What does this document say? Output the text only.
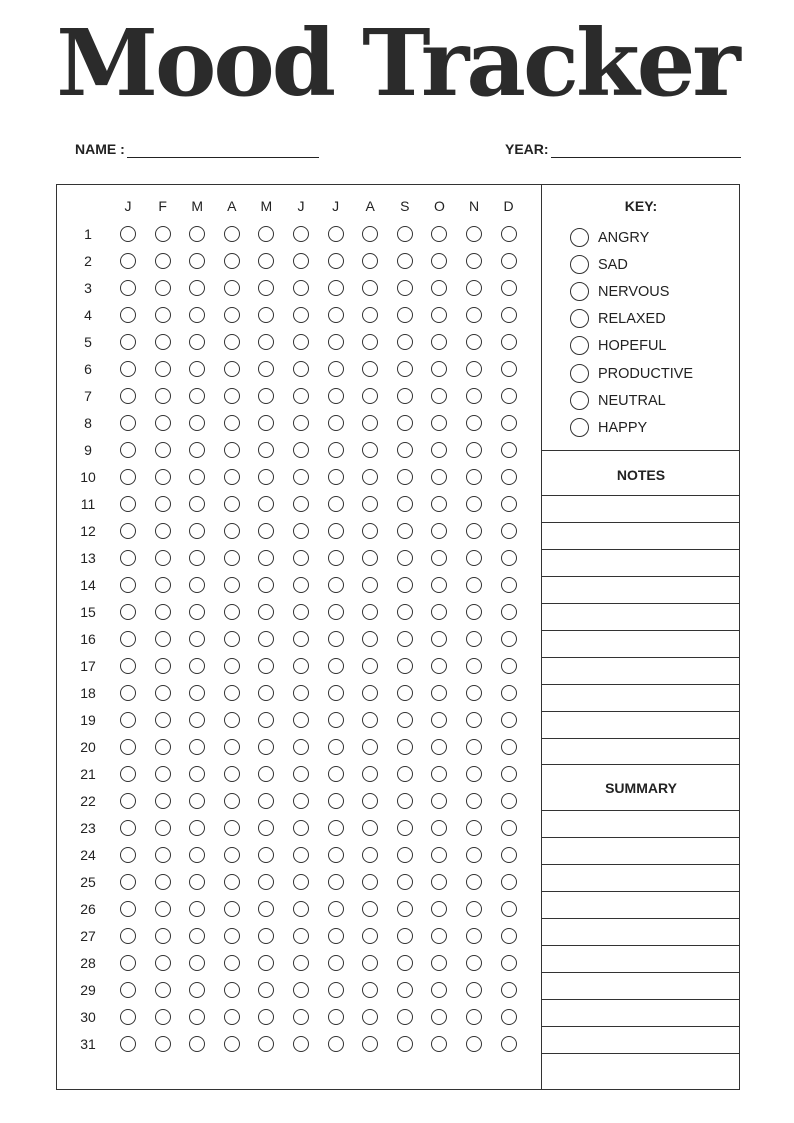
Mood Tracker
NAME :	YEAR:
J	F	M	A	M	J	J	A	S	O	N	D
1
2
3
4
5
6
7
8
9
10
11
12
13
14
15
16
17
18
19
20
21
22
23
24
25
26
27
28
29
30
31
KEY:
ANGRY
SAD
NERVOUS
RELAXED
HOPEFUL
PRODUCTIVE
NEUTRAL
HAPPY
NOTES
SUMMARY
